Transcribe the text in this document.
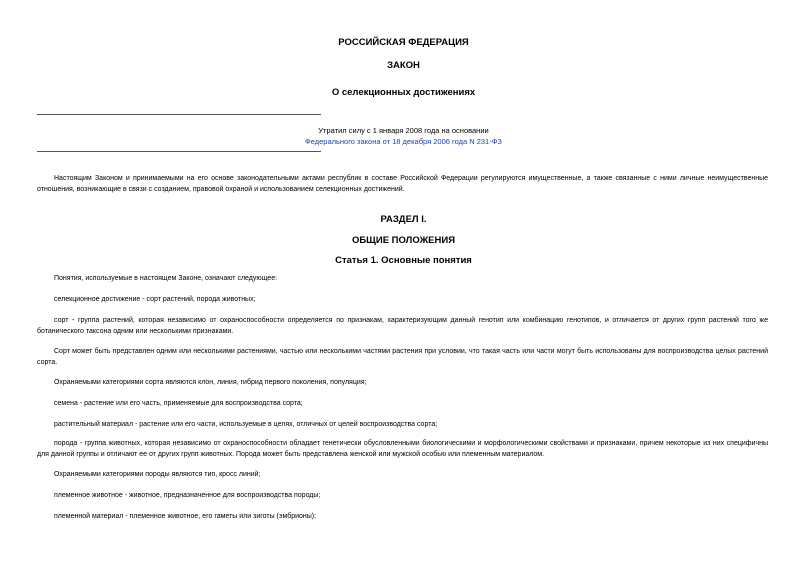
РОССИЙСКАЯ ФЕДЕРАЦИЯ
ЗАКОН
О селекционных достижениях
Утратил силу с 1 января 2008 года на основании
Федерального закона от 18 декабря 2006 года N 231-ФЗ
Настоящим Законом и принимаемыми на его основе законодательными актами республик в составе Российской Федерации регулируются имущественные, а также связанные с ними личные неимущественные отношения, возникающие в связи с созданием, правовой охраной и использованием селекционных достижений.
РАЗДЕЛ I.
ОБЩИЕ ПОЛОЖЕНИЯ
Статья 1. Основные понятия
Понятия, используемые в настоящем Законе, означают следующее:
селекционное достижение - сорт растений, порода животных;
сорт - группа растений, которая независимо от охраноспособности определяется по признакам, характеризующим данный генотип или комбинацию генотипов, и отличается от других групп растений того же ботанического таксона одним или несколькими признаками.
Сорт может быть представлен одним или несколькими растениями, частью или несколькими частями растения при условии, что такая часть или части могут быть использованы для воспроизводства целых растений сорта.
Охраняемыми категориями сорта являются клон, линия, гибрид первого поколения, популяция;
семена - растение или его часть, применяемые для воспроизводства сорта;
растительный материал - растение или его части, используемые в целях, отличных от целей воспроизводства сорта;
порода - группа животных, которая независимо от охраноспособности обладает генетически обусловленными биологическими и морфологическими свойствами и признаками, причем некоторые из них специфичны для данной группы и отличают ее от других групп животных. Порода может быть представлена женской или мужской особью или племенным материалом.
Охраняемыми категориями породы являются тип, кросс линий;
племенное животное - животное, предназначенное для воспроизводства породы;
племенной материал - племенное животное, его гаметы или зиготы (эмбрионы);
